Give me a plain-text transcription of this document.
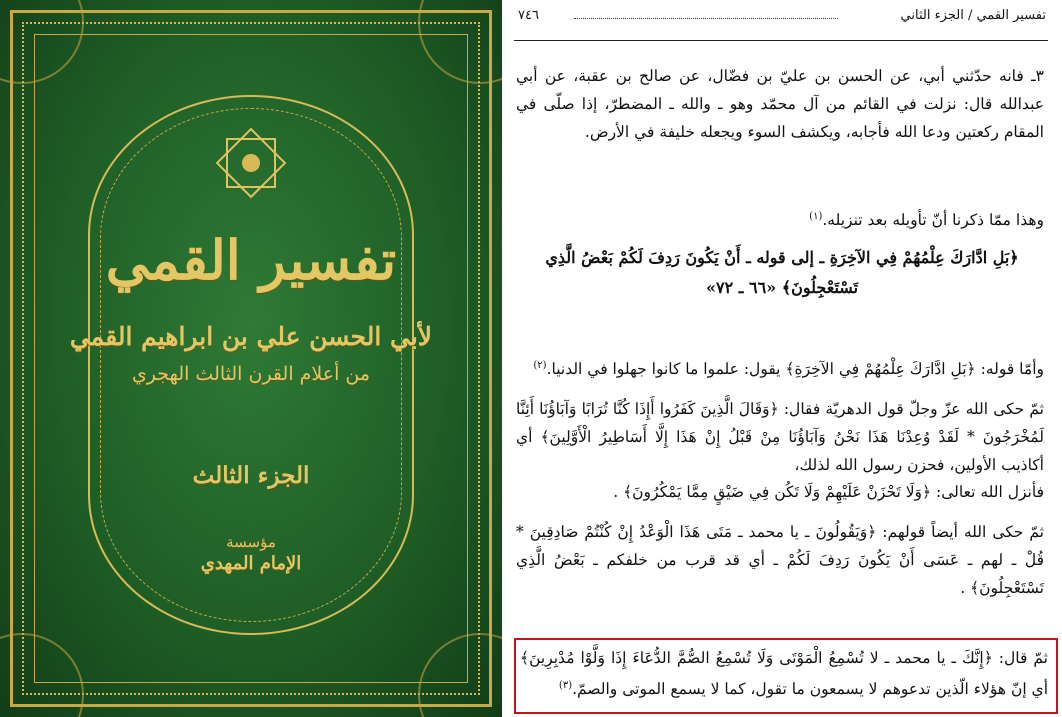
تفسير القمي
لأبي الحسن علي بن ابراهيم القمي
من أعلام القرن الثالث الهجري
الجزء الثالث
مؤسسة
الإمام المهدي
تفسير القمي / الجزء الثاني
٧٤٦

٣ـ فانه حدّثني أبي، عن الحسن بن عليّ بن فضّال، عن صالح بن عقبة، عن أبي عبدالله قال: نزلت في القائم من آل محمّد وهو ـ والله ـ المضطرّ، إذا صلّى في المقام ركعتين ودعا الله فأجابه، ويكشف السوء ويجعله خليفة في الأرض.

وهذا ممّا ذكرنا أنّ تأويله بعد تنزيله.$^{(١)}$

﴿بَلِ ادَّارَكَ عِلْمُهُمْ فِي الآخِرَةِ ـ إلى قوله ـ أَنْ يَكُونَ رَدِفَ لَكُمْ بَعْضُ الَّذِي تَسْتَعْجِلُونَ﴾ «٦٦ ـ ٧٢»

وأمّا قوله: ﴿بَلِ ادَّارَكَ عِلْمُهُمْ فِي الآخِرَةِ﴾ يقول: علموا ما كانوا جهلوا في الدنيا.$^{(٢)}$

ثمّ حكى الله عزّ وجلّ قول الدهريّة فقال: ﴿وَقَالَ الَّذِينَ كَفَرُوا أَإِذَا كُنَّا تُرَابًا وَآبَاؤُنَا أَئِنَّا لَمُخْرَجُونَ * لَقَدْ وُعِدْنَا هَذَا نَحْنُ وَآبَاؤُنَا مِنْ قَبْلُ إِنْ هَذَا إِلَّا أَسَاطِيرُ الْأَوَّلِينَ﴾ أي أكاذيب الأولين، فحزن رسول الله لذلك،

فأنزل الله تعالى: ﴿وَلَا تَحْزَنْ عَلَيْهِمْ وَلَا تَكُن فِي ضَيْقٍ مِمَّا يَمْكُرُونَ﴾ .

ثمّ حكى الله أيضاً قولهم: ﴿وَيَقُولُونَ ـ يا محمد ـ مَتَى هَذَا الْوَعْدُ إِنْ كُنْتُمْ صَادِقِينَ * قُلْ ـ لهم ـ عَسَى أَنْ يَكُونَ رَدِفَ لَكُمْ ـ أي قد قرب من خلفكم ـ بَعْضُ الَّذِي تَسْتَعْجِلُونَ﴾ .

ثمّ قال: ﴿إِنَّكَ ـ يا محمد ـ لا تُسْمِعُ الْمَوْتَى وَلَا تُسْمِعُ الصُّمَّ الدُّعَاءَ إِذَا وَلَّوْا مُدْبِرِينَ﴾ أي إنّ هؤلاء الّذين تدعوهم لا يسمعون ما تقول، كما لا يسمع الموتى والصمّ.$^{(٣)}$
